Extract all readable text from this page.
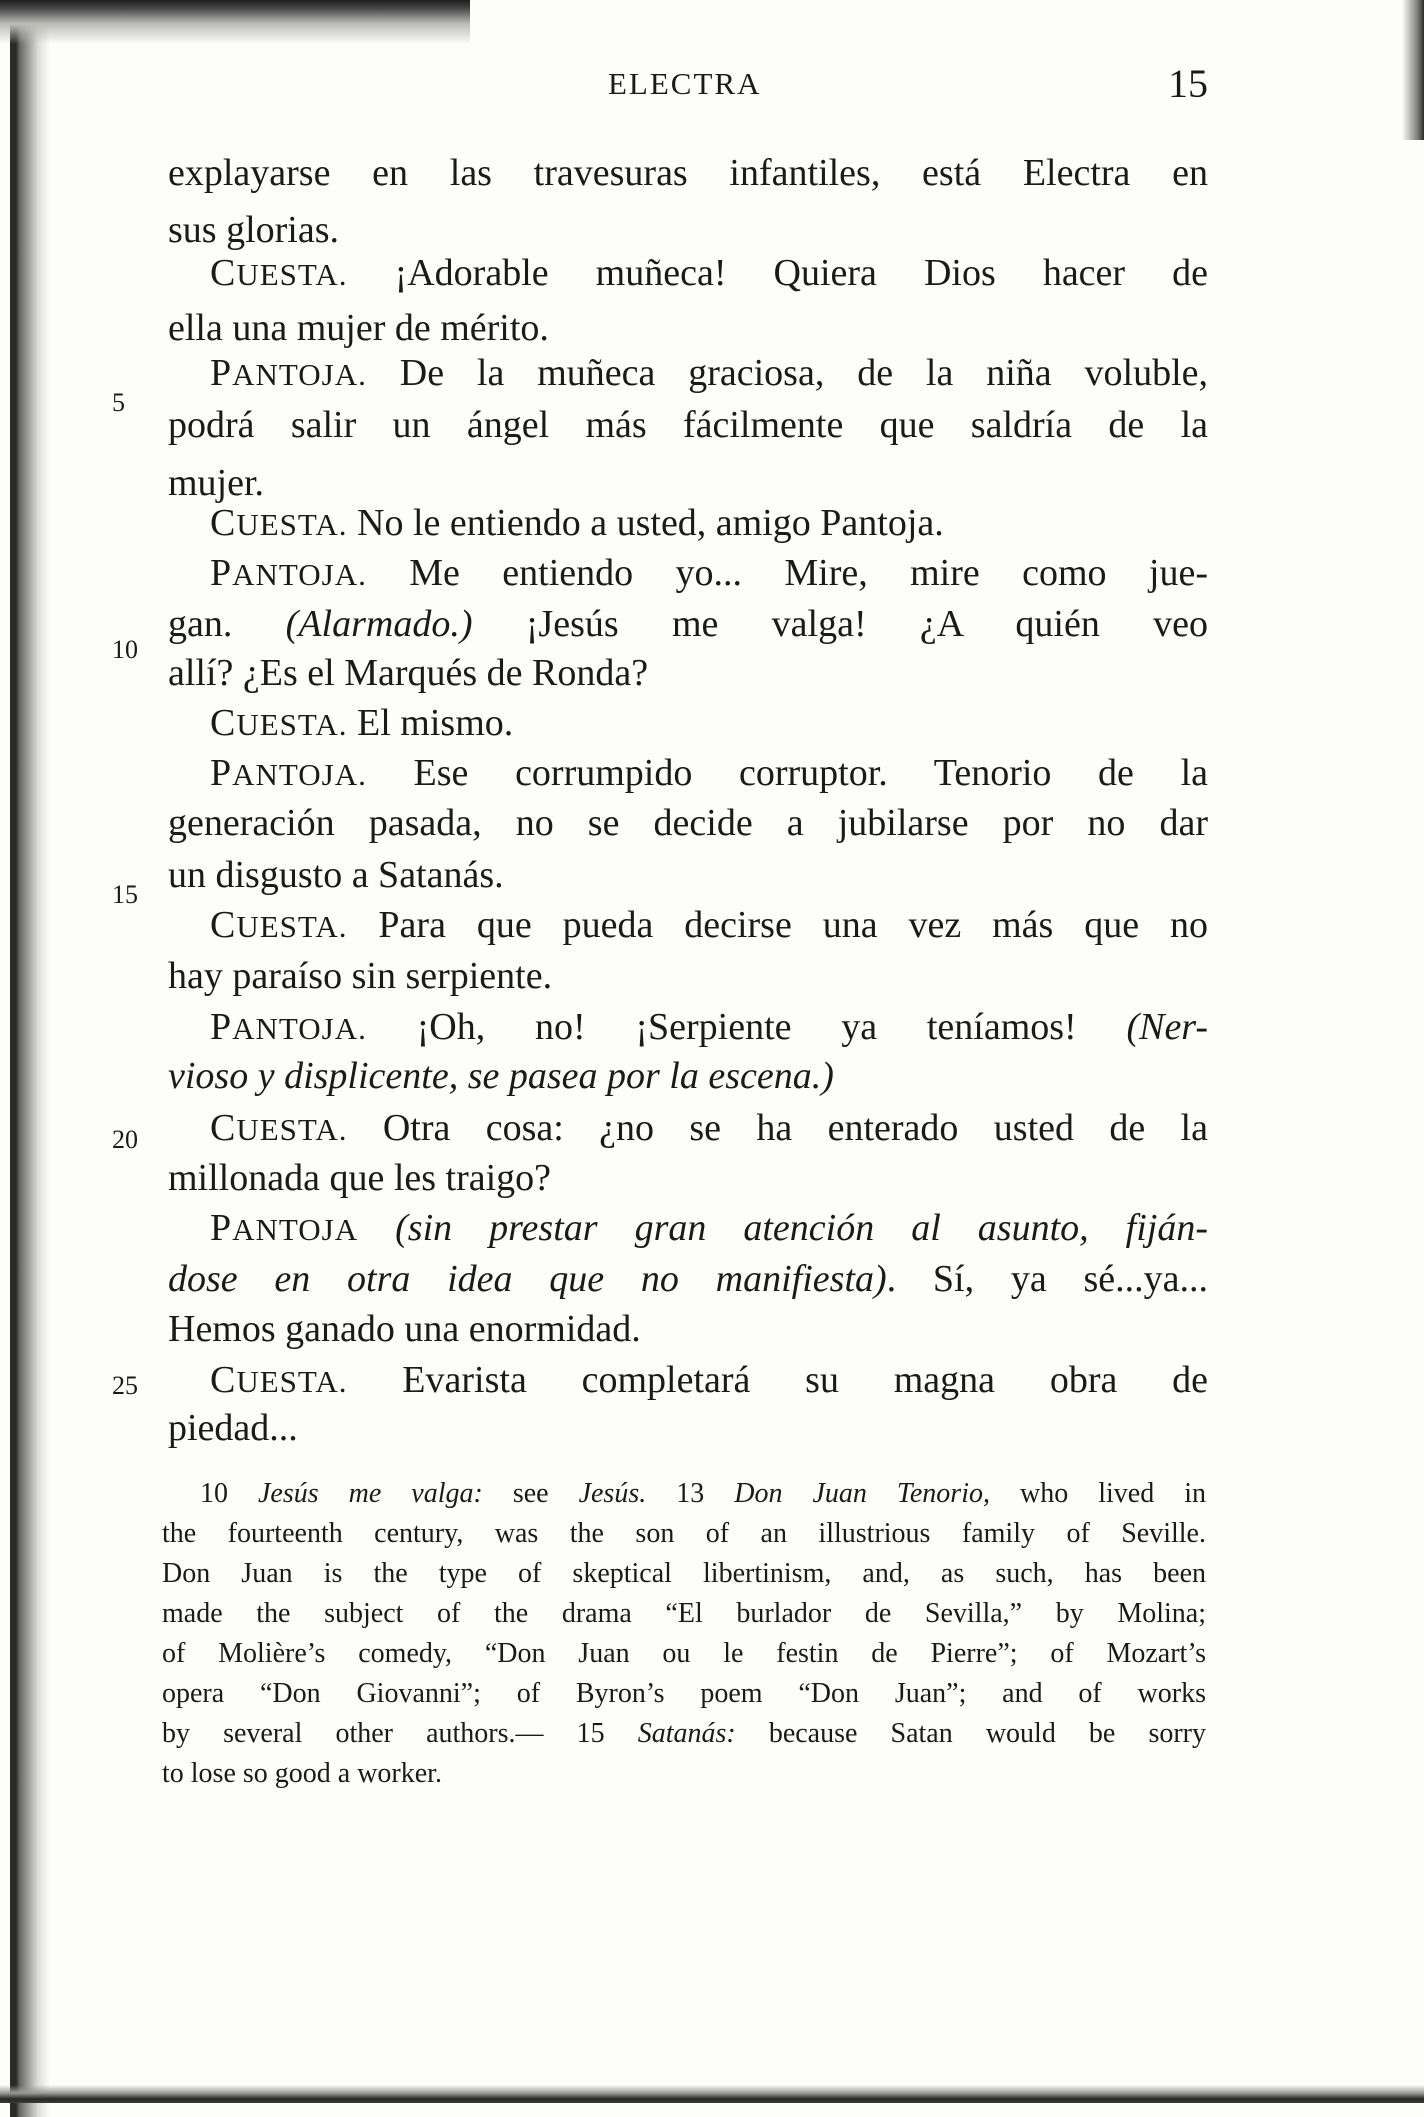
ELECTRA	15
5
10
15
20
25
explayarse en las travesuras infantiles, está Electra en
sus glorias.
CUESTA. ¡Adorable muñeca! Quiera Dios hacer de
ella una mujer de mérito.
PANTOJA. De la muñeca graciosa, de la niña voluble,
podrá salir un ángel más fácilmente que saldría de la
mujer.
CUESTA. No le entiendo a usted, amigo Pantoja.
PANTOJA. Me entiendo yo... Mire, mire como jue-
gan. (Alarmado.) ¡Jesús me valga! ¿A quién veo
allí? ¿Es el Marqués de Ronda?
CUESTA. El mismo.
PANTOJA. Ese corrumpido corruptor. Tenorio de la
generación pasada, no se decide a jubilarse por no dar
un disgusto a Satanás.
CUESTA. Para que pueda decirse una vez más que no
hay paraíso sin serpiente.
PANTOJA. ¡Oh, no! ¡Serpiente ya teníamos! (Ner-
vioso y displicente, se pasea por la escena.)
CUESTA. Otra cosa: ¿no se ha enterado usted de la
millonada que les traigo?
PANTOJA (sin prestar gran atención al asunto, fiján-
dose en otra idea que no manifiesta). Sí, ya sé...ya...
Hemos ganado una enormidad.
CUESTA. Evarista completará su magna obra de
piedad...
10 Jesús me valga: see Jesús. 13 Don Juan Tenorio, who lived in
the fourteenth century, was the son of an illustrious family of Seville.
Don Juan is the type of skeptical libertinism, and, as such, has been
made the subject of the drama “El burlador de Sevilla,” by Molina;
of Molière’s comedy, “Don Juan ou le festin de Pierre”; of Mozart’s
opera “Don Giovanni”; of Byron’s poem “Don Juan”; and of works
by several other authors.— 15 Satanás: because Satan would be sorry
to lose so good a worker.
